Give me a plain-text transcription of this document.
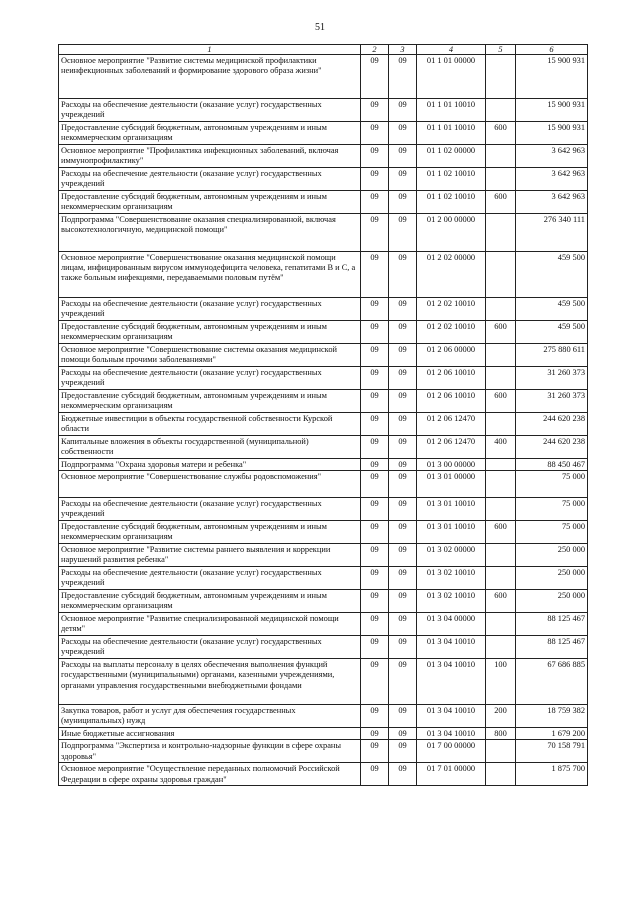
51
1	2	3	4	5	6
Основное мероприятие "Развитие системы медицинской профилактики неинфекционных заболеваний и формирование здорового образа жизни"	09	09	01 1 01 00000		15 900 931
Расходы на обеспечение деятельности (оказание услуг) государственных учреждений	09	09	01 1 01 10010		15 900 931
Предоставление субсидий бюджетным, автономным учреждениям и иным некоммерческим организациям	09	09	01 1 01 10010	600	15 900 931
Основное мероприятие "Профилактика инфекционных заболеваний, включая иммунопрофилактику"	09	09	01 1 02 00000		3 642 963
Расходы на обеспечение деятельности (оказание услуг) государственных учреждений	09	09	01 1 02 10010		3 642 963
Предоставление субсидий бюджетным, автономным учреждениям и иным некоммерческим организациям	09	09	01 1 02 10010	600	3 642 963
Подпрограмма "Совершенствование оказания специализированной, включая высокотехнологичную, медицинской помощи"	09	09	01 2 00 00000		276 340 111
Основное мероприятие "Совершенствование оказания медицинской помощи лицам, инфицированным вирусом иммунодефицита человека, гепатитами B и C, а также больным инфекциями, передаваемыми половым путём"	09	09	01 2 02 00000		459 500
Расходы на обеспечение деятельности (оказание услуг) государственных учреждений	09	09	01 2 02 10010		459 500
Предоставление субсидий бюджетным, автономным учреждениям и иным некоммерческим организациям	09	09	01 2 02 10010	600	459 500
Основное мероприятие "Совершенствование системы оказания медицинской помощи больным прочими заболеваниями"	09	09	01 2 06 00000		275 880 611
Расходы на обеспечение деятельности (оказание услуг) государственных учреждений	09	09	01 2 06 10010		31 260 373
Предоставление субсидий бюджетным, автономным учреждениям и иным некоммерческим организациям	09	09	01 2 06 10010	600	31 260 373
Бюджетные инвестиции в объекты государственной собственности Курской области	09	09	01 2 06 12470		244 620 238
Капитальные вложения в объекты государственной (муниципальной) собственности	09	09	01 2 06 12470	400	244 620 238
Подпрограмма "Охрана здоровья матери и ребенка"	09	09	01 3 00 00000		88 450 467
Основное мероприятие "Совершенствование службы родовспоможения"	09	09	01 3 01 00000		75 000
Расходы на обеспечение деятельности (оказание услуг) государственных учреждений	09	09	01 3 01 10010		75 000
Предоставление субсидий бюджетным, автономным учреждениям и иным некоммерческим организациям	09	09	01 3 01 10010	600	75 000
Основное мероприятие "Развитие системы раннего выявления и коррекции нарушений развития ребенка"	09	09	01 3 02 00000		250 000
Расходы на обеспечение деятельности (оказание услуг) государственных учреждений	09	09	01 3 02 10010		250 000
Предоставление субсидий бюджетным, автономным учреждениям и иным некоммерческим организациям	09	09	01 3 02 10010	600	250 000
Основное мероприятие "Развитие специализированной медицинской помощи детям"	09	09	01 3 04 00000		88 125 467
Расходы на обеспечение деятельности (оказание услуг) государственных учреждений	09	09	01 3 04 10010		88 125 467
Расходы на выплаты персоналу в целях обеспечения выполнения функций государственными (муниципальными) органами, казенными учреждениями, органами управления государственными внебюджетными фондами	09	09	01 3 04 10010	100	67 686 885
Закупка товаров, работ и услуг для обеспечения государственных (муниципальных) нужд	09	09	01 3 04 10010	200	18 759 382
Иные бюджетные ассигнования	09	09	01 3 04 10010	800	1 679 200
Подпрограмма "Экспертиза и контрольно-надзорные функции в сфере охраны здоровья"	09	09	01 7 00 00000		70 158 791
Основное мероприятие "Осуществление переданных полномочий Российской Федерации в сфере охраны здоровья граждан"	09	09	01 7 01 00000		1 875 700
